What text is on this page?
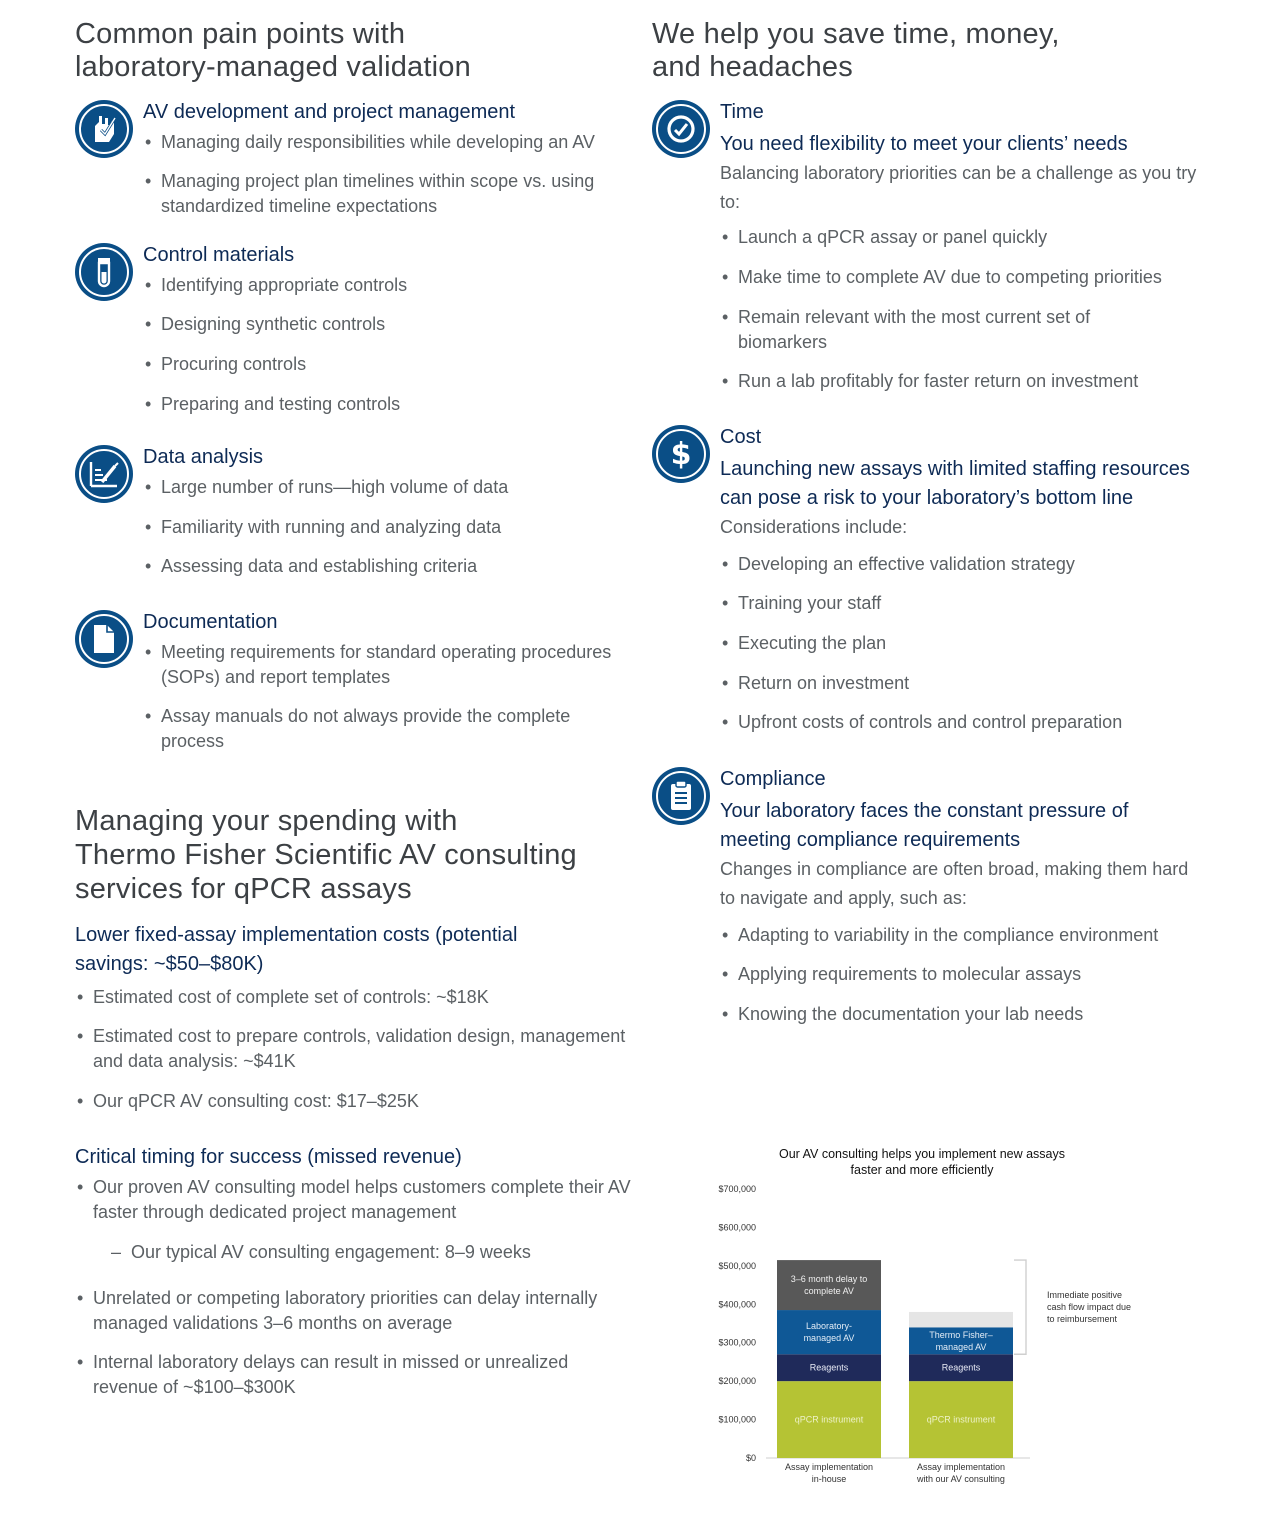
Common pain points with
laboratory-managed validation
AV development and project management
• Managing daily responsibilities while developing an AV
• Managing project plan timelines within scope vs. using standardized timeline expectations
Control materials
• Identifying appropriate controls
• Designing synthetic controls
• Procuring controls
• Preparing and testing controls
Data analysis
• Large number of runs—high volume of data
• Familiarity with running and analyzing data
• Assessing data and establishing criteria
Documentation
• Meeting requirements for standard operating procedures (SOPs) and report templates
• Assay manuals do not always provide the complete process
Managing your spending with
Thermo Fisher Scientific AV consulting
services for qPCR assays
Lower fixed-assay implementation costs (potential savings: ~$50–$80K)
• Estimated cost of complete set of controls: ~$18K
• Estimated cost to prepare controls, validation design, management and data analysis: ~$41K
• Our qPCR AV consulting cost: $17–$25K
Critical timing for success (missed revenue)
• Our proven AV consulting model helps customers complete their AV faster through dedicated project management
– Our typical AV consulting engagement: 8–9 weeks
• Unrelated or competing laboratory priorities can delay internally managed validations 3–6 months on average
• Internal laboratory delays can result in missed or unrealized revenue of ~$100–$300K
We help you save time, money,
and headaches
Time
You need flexibility to meet your clients’ needs

Balancing laboratory priorities can be a challenge as you try to:

• Launch a qPCR assay or panel quickly
• Make time to complete AV due to competing priorities
• Remain relevant with the most current set of biomarkers
• Run a lab profitably for faster return on investment
$ Cost
Launching new assays with limited staffing resources can pose a risk to your laboratory’s bottom line

Considerations include:

• Developing an effective validation strategy
• Training your staff
• Executing the plan
• Return on investment
• Upfront costs of controls and control preparation
Compliance
Your laboratory faces the constant pressure of meeting compliance requirements

Changes in compliance are often broad, making them hard to navigate and apply, such as:

• Adapting to variability in the compliance environment
• Applying requirements to molecular assays
• Knowing the documentation your lab needs
Our AV consulting helps you implement new assays
faster and more efficiently
$0
$100,000
$200,000
$300,000
$400,000
$500,000
$600,000
$700,000
qPCR instrument
Reagents
Laboratory-
managed AV
3–6 month delay to
complete AV
qPCR instrument
Reagents
Thermo Fisher–
managed AV
Assay implementation
in-house
Assay implementation
with our AV consulting
Immediate positive
cash flow impact due
to reimbursement
